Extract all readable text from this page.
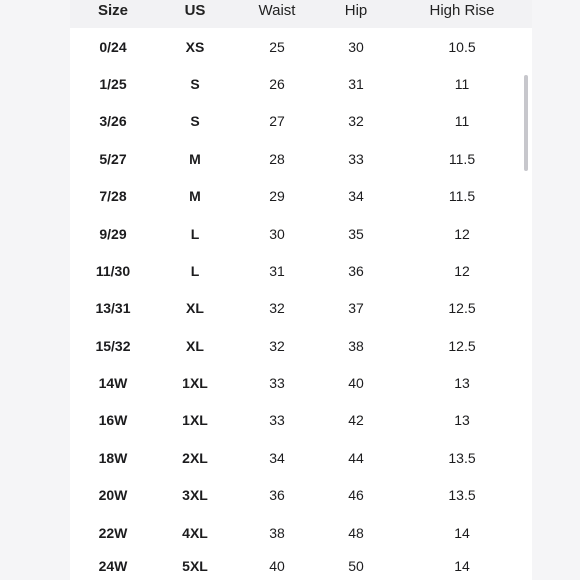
Size	US	Waist	Hip	High Rise
0/24	XS	25	30	10.5
1/25	S	26	31	11
3/26	S	27	32	11
5/27	M	28	33	11.5
7/28	M	29	34	11.5
9/29	L	30	35	12
11/30	L	31	36	12
13/31	XL	32	37	12.5
15/32	XL	32	38	12.5
14W	1XL	33	40	13
16W	1XL	33	42	13
18W	2XL	34	44	13.5
20W	3XL	36	46	13.5
22W	4XL	38	48	14
24W	5XL	40	50	14
